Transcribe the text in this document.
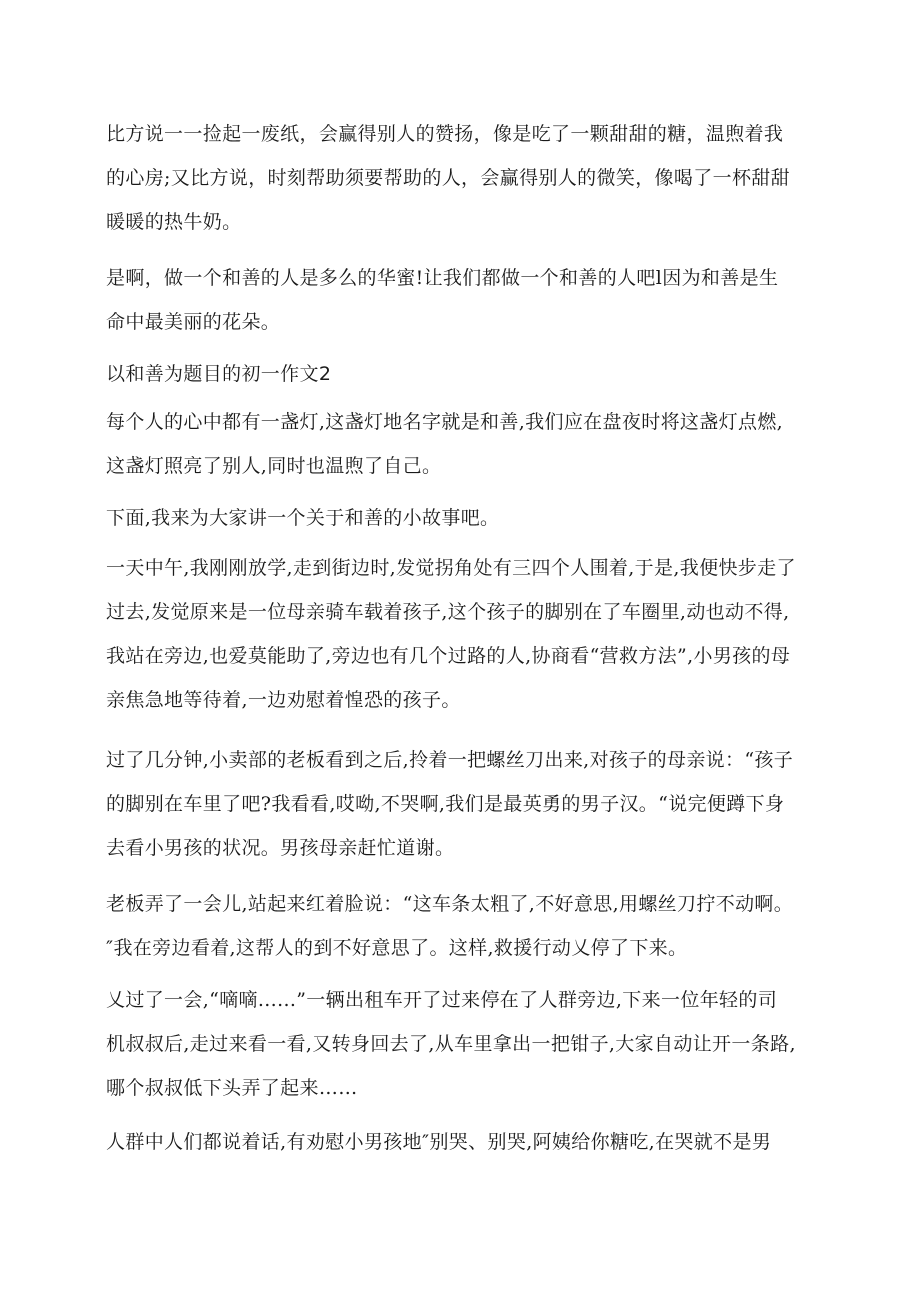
比方说一一捡起一废纸，会赢得别人的赞扬，像是吃了一颗甜甜的糖，温煦着我的心房;又比方说，时刻帮助须要帮助的人，会赢得别人的微笑，像喝了一杯甜甜暖暖的热牛奶。

是啊，做一个和善的人是多么的华蜜!让我们都做一个和善的人吧l因为和善是生命中最美丽的花朵。

以和善为题目的初一作文2

每个人的心中都有一盏灯,这盏灯地名字就是和善,我们应在盘夜时将这盏灯点燃,这盏灯照亮了别人,同时也温煦了自己。

下面,我来为大家讲一个关于和善的小故事吧。

一天中午,我刚刚放学,走到街边时,发觉拐角处有三四个人围着,于是,我便快步走了过去,发觉原来是一位母亲骑车载着孩子,这个孩子的脚别在了车圈里,动也动不得,我站在旁边,也爱莫能助了,旁边也有几个过路的人,协商看“营救方法”,小男孩的母亲焦急地等待着,一边劝慰着惶恐的孩子。

过了几分钟,小卖部的老板看到之后,拎着一把螺丝刀出来,对孩子的母亲说：“孩子的脚别在车里了吧?我看看,哎呦,不哭啊,我们是最英勇的男子汉。“说完便蹲下身去看小男孩的状况。男孩母亲赶忙道谢。

老板弄了一会儿,站起来红着脸说：“这车条太粗了,不好意思,用螺丝刀拧不动啊。″我在旁边看着,这帮人的到不好意思了。这样,救援行动乂停了下来。

乂过了一会,“嘀嘀......”一辆出租车开了过来停在了人群旁边,下来一位年轻的司机叔叔后,走过来看一看,又转身回去了,从车里拿出一把钳子,大家自动让开一条路,哪个叔叔低下头弄了起来……

人群中人们都说着话,有劝慰小男孩地″别哭、别哭,阿姨给你糖吃,在哭就不是男
